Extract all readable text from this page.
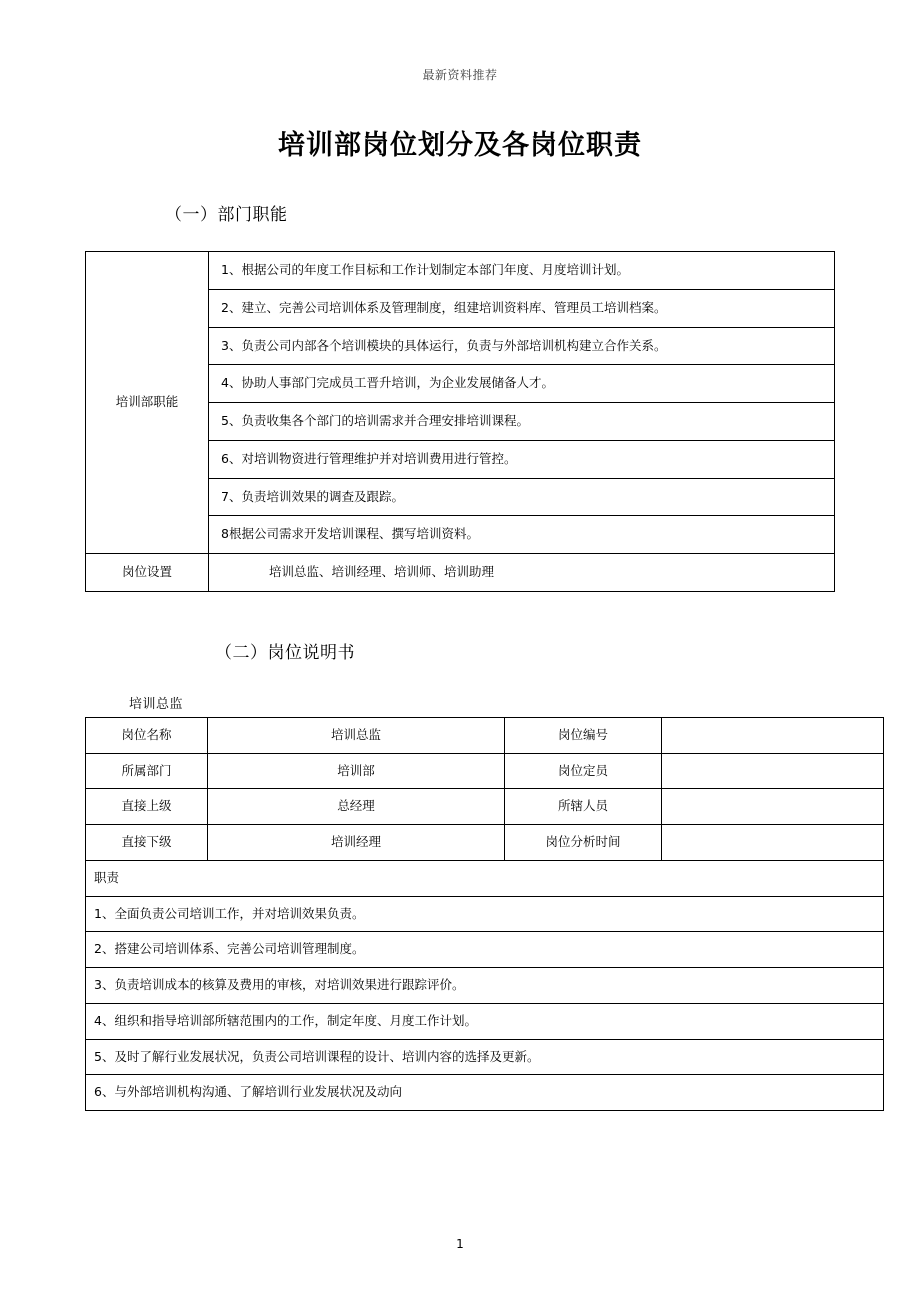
最新资料推荐
培训部岗位划分及各岗位职责
（一）部门职能
培训部职能	1、根据公司的年度工作目标和工作计划制定本部门年度、月度培训计划。
	2、建立、完善公司培训体系及管理制度，组建培训资料库、管理员工培训档案。
	3、负责公司内部各个培训模块的具体运行，负责与外部培训机构建立合作关系。
	4、协助人事部门完成员工晋升培训，为企业发展储备人才。
	5、负责收集各个部门的培训需求并合理安排培训课程。
	6、对培训物资进行管理维护并对培训费用进行管控。
	7、负责培训效果的调查及跟踪。
	8根据公司需求开发培训课程、撰写培训资料。
岗位设置	培训总监、培训经理、培训师、培训助理
（二）岗位说明书
培训总监
岗位名称	培训总监	岗位编号	
所属部门	培训部	岗位定员	
直接上级	总经理	所辖人员	
直接下级	培训经理	岗位分析时间	
职责			
1、全面负责公司培训工作，并对培训效果负责。			
2、搭建公司培训体系、完善公司培训管理制度。			
3、负责培训成本的核算及费用的审核，对培训效果进行跟踪评价。			
4、组织和指导培训部所辖范围内的工作，制定年度、月度工作计划。			
5、及时了解行业发展状况，负责公司培训课程的设计、培训内容的选择及更新。			
6、与外部培训机构沟通、了解培训行业发展状况及动向			
1
